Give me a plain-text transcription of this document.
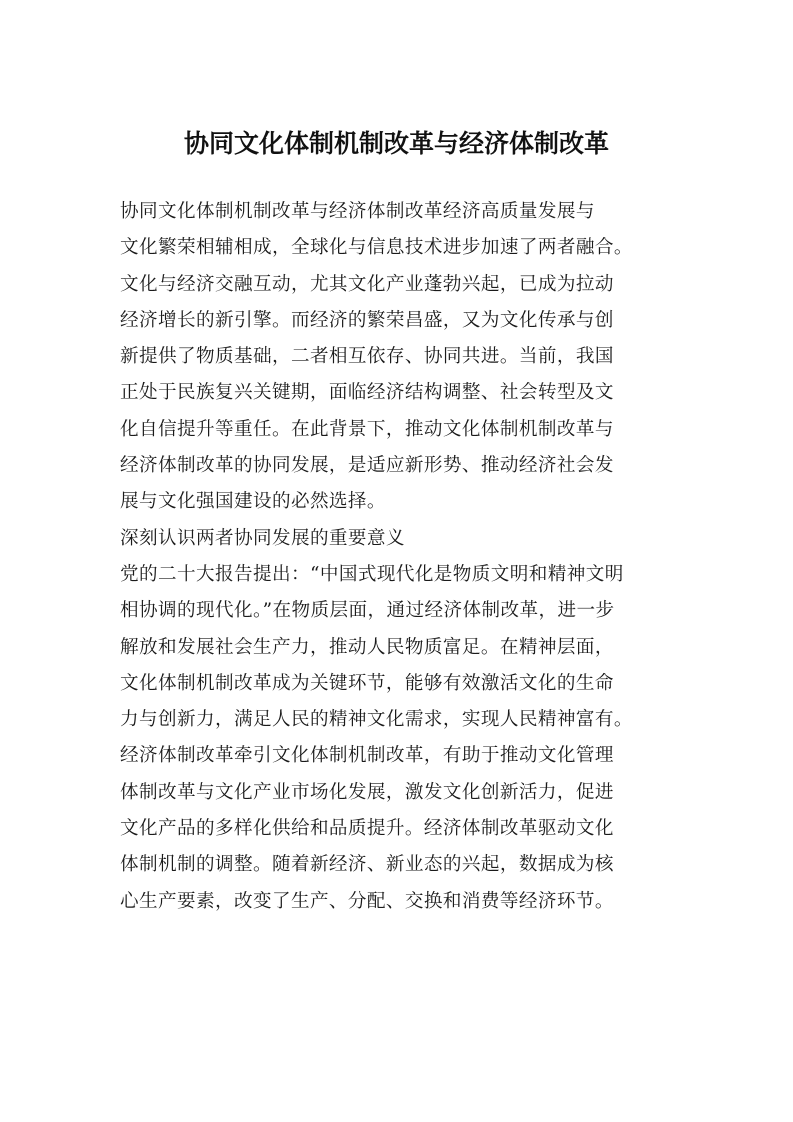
协同文化体制机制改革与经济体制改革
协同文化体制机制改革与经济体制改革经济高质量发展与
文化繁荣相辅相成，全球化与信息技术进步加速了两者融合。
文化与经济交融互动，尤其文化产业蓬勃兴起，已成为拉动
经济增长的新引擎。而经济的繁荣昌盛，又为文化传承与创
新提供了物质基础，二者相互依存、协同共进。当前，我国
正处于民族复兴关键期，面临经济结构调整、社会转型及文
化自信提升等重任。在此背景下，推动文化体制机制改革与
经济体制改革的协同发展，是适应新形势、推动经济社会发
展与文化强国建设的必然选择。
深刻认识两者协同发展的重要意义
党的二十大报告提出：“中国式现代化是物质文明和精神文明
相协调的现代化。”在物质层面，通过经济体制改革，进一步
解放和发展社会生产力，推动人民物质富足。在精神层面，
文化体制机制改革成为关键环节，能够有效激活文化的生命
力与创新力，满足人民的精神文化需求，实现人民精神富有。
经济体制改革牵引文化体制机制改革，有助于推动文化管理
体制改革与文化产业市场化发展，激发文化创新活力，促进
文化产品的多样化供给和品质提升。经济体制改革驱动文化
体制机制的调整。随着新经济、新业态的兴起，数据成为核
心生产要素，改变了生产、分配、交换和消费等经济环节。
